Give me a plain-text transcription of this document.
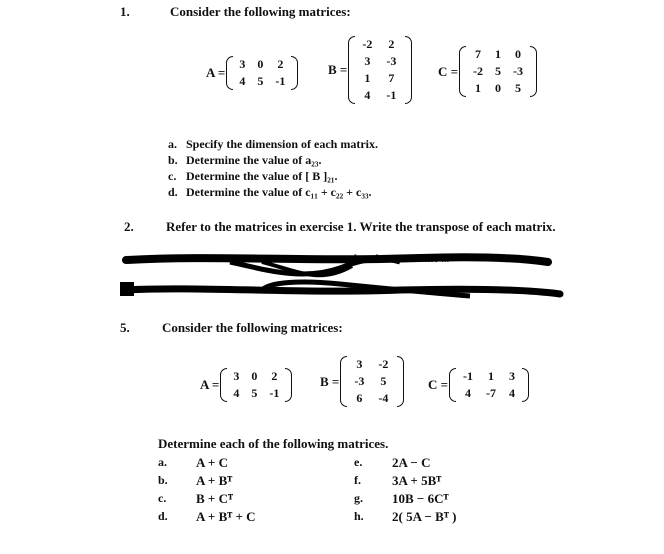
1.	Consider the following matrices:
A =
3	0	2
4	5	-1
B =
-2	2
3	-3
1	7
4	-1
C =
7	1	0
-2	5	-3
1	0	5
a. Specify the dimension of each matrix.
b. Determine the value of a₂₃.
c. Determine the value of [ B ]₂₁.
d. Determine the value of c₁₁ + c₂₂ + c₃₃.
2. Refer to the matrices in exercise 1. Write the transpose of each matrix.
...that the sum of the ...
5. Consider the following matrices:
A =
3	0	2
4	5	-1
B =
3	-2
-3	5
6	-4
C =
-1	1	3
4	-7	4
Determine each of the following matrices.
a. A + C
b. A + Bᵀ
c. B + Cᵀ
d. A + Bᵀ + C
e. 2A − C
f. 3A + 5Bᵀ
g. 10B − 6Cᵀ
h. 2( 5A − Bᵀ )
